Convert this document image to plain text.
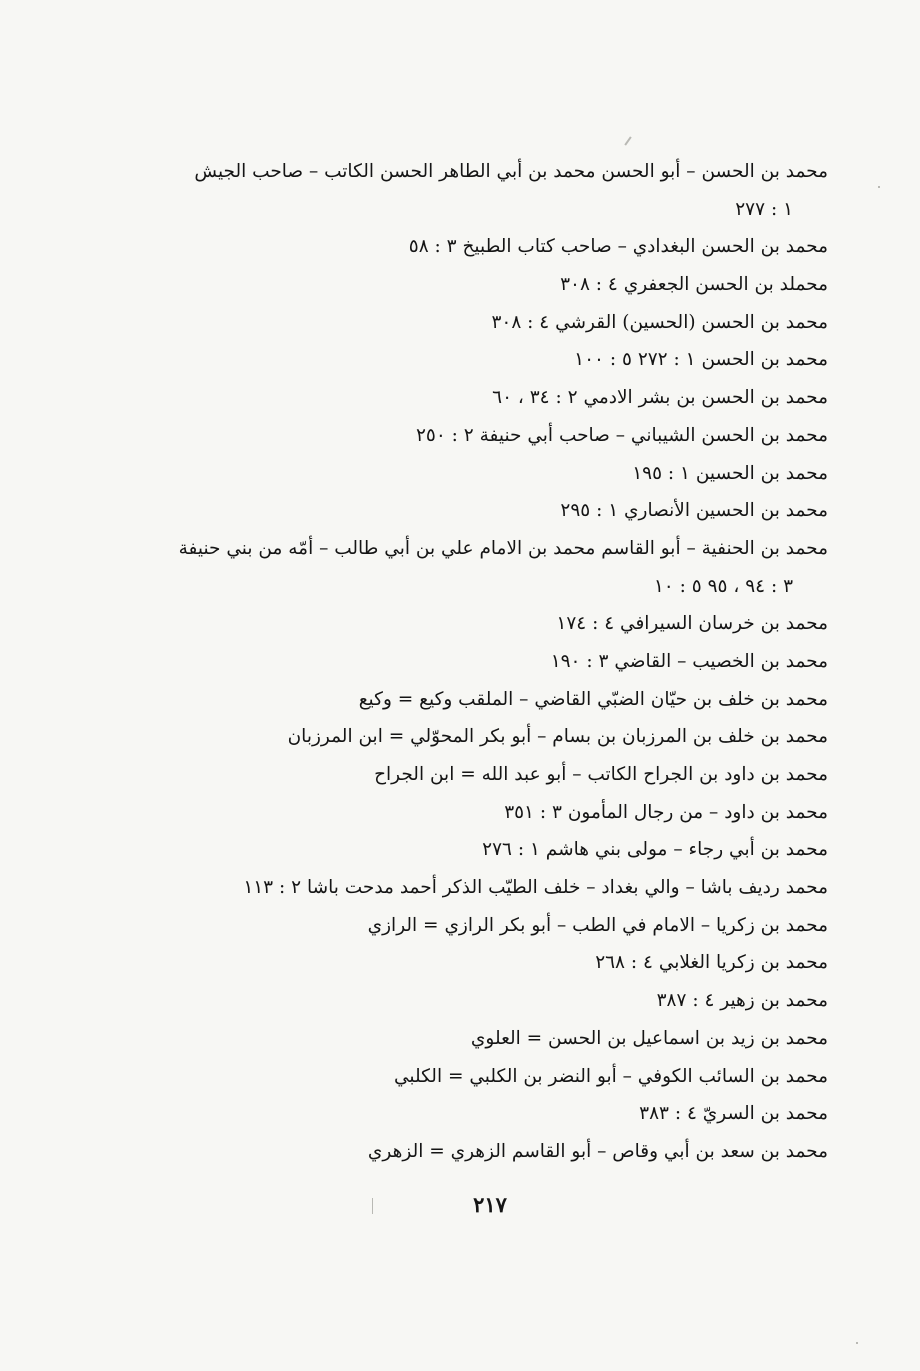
محمد بن الحسن – أبو الحسن محمد بن أبي الطاهر الحسن الكاتب – صاحب الجيش
١ : ٢٧٧
محمد بن الحسن البغدادي – صاحب كتاب الطبيخ ٣ : ٥٨
محملد بن الحسن الجعفري ٤ : ٣٠٨
محمد بن الحسن (الحسين) القرشي ٤ : ٣٠٨
محمد بن الحسن ١ : ٢٧٢ ٥ : ١٠٠
محمد بن الحسن بن بشر الادمي ٢ : ٣٤ ، ٦٠
محمد بن الحسن الشيباني – صاحب أبي حنيفة ٢ : ٢٥٠
محمد بن الحسين ١ : ١٩٥
محمد بن الحسين الأنصاري ١ : ٢٩٥
محمد بن الحنفية – أبو القاسم محمد بن الامام علي بن أبي طالب – أمّه من بني حنيفة
٣ : ٩٤ ، ٩٥ ٥ : ١٠
محمد بن خرسان السيرافي ٤ : ١٧٤
محمد بن الخصيب – القاضي ٣ : ١٩٠
محمد بن خلف بن حيّان الضبّي القاضي – الملقب وكيع = وكيع
محمد بن خلف بن المرزبان بن بسام – أبو بكر المحوّلي = ابن المرزبان
محمد بن داود بن الجراح الكاتب – أبو عبد الله = ابن الجراح
محمد بن داود – من رجال المأمون ٣ : ٣٥١
محمد بن أبي رجاء – مولى بني هاشم ١ : ٢٧٦
محمد رديف باشا – والي بغداد – خلف الطيّب الذكر أحمد مدحت باشا ٢ : ١١٣
محمد بن زكريا – الامام في الطب – أبو بكر الرازي = الرازي
محمد بن زكريا الغلابي ٤ : ٢٦٨
محمد بن زهير ٤ : ٣٨٧
محمد بن زيد بن اسماعيل بن الحسن = العلوي
محمد بن السائب الكوفي – أبو النضر بن الكلبي = الكلبي
محمد بن السريّ ٤ : ٣٨٣
محمد بن سعد بن أبي وقاص – أبو القاسم الزهري = الزهري
٢١٧
